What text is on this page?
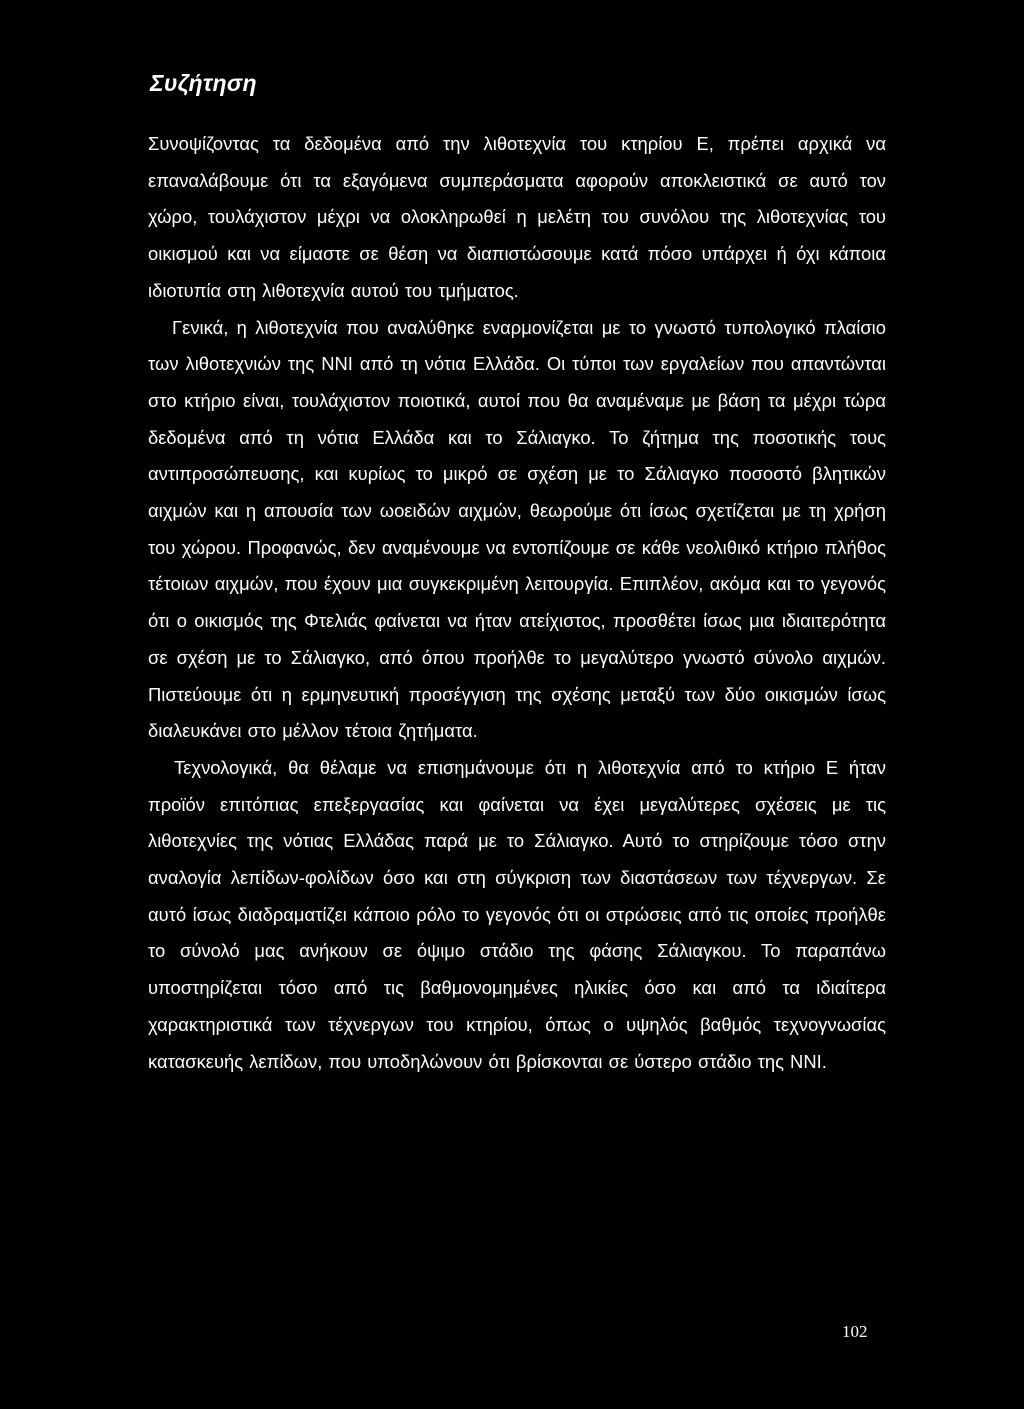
Συζήτηση

Συνοψίζοντας τα δεδομένα από την λιθοτεχνία του κτηρίου Ε, πρέπει αρχικά να επαναλάβουμε ότι τα εξαγόμενα συμπεράσματα αφορούν αποκλειστικά σε αυτό τον χώρο, τουλάχιστον μέχρι να ολοκληρωθεί η μελέτη του συνόλου της λιθοτεχνίας του οικισμού και να είμαστε σε θέση να διαπιστώσουμε κατά πόσο υπάρχει ή όχι κάποια ιδιοτυπία στη λιθοτεχνία αυτού του τμήματος.

Γενικά, η λιθοτεχνία που αναλύθηκε εναρμονίζεται με το γνωστό τυπολογικό πλαίσιο των λιθοτεχνιών της ΝΝΙ από τη νότια Ελλάδα. Οι τύποι των εργαλείων που απαντώνται στο κτήριο είναι, τουλάχιστον ποιοτικά, αυτοί που θα αναμέναμε με βάση τα μέχρι τώρα δεδομένα από τη νότια Ελλάδα και το Σάλιαγκο. Το ζήτημα της ποσοτικής τους αντιπροσώπευσης, και κυρίως το μικρό σε σχέση με το Σάλιαγκο ποσοστό βλητικών αιχμών και η απουσία των ωοειδών αιχμών, θεωρούμε ότι ίσως σχετίζεται με τη χρήση του χώρου. Προφανώς, δεν αναμένουμε να εντοπίζουμε σε κάθε νεολιθικό κτήριο πλήθος τέτοιων αιχμών, που έχουν μια συγκεκριμένη λειτουργία. Επιπλέον, ακόμα και το γεγονός ότι ο οικισμός της Φτελιάς φαίνεται να ήταν ατείχιστος, προσθέτει ίσως μια ιδιαιτερότητα σε σχέση με το Σάλιαγκο, από όπου προήλθε το μεγαλύτερο γνωστό σύνολο αιχμών. Πιστεύουμε ότι η ερμηνευτική προσέγγιση της σχέσης μεταξύ των δύο οικισμών ίσως διαλευκάνει στο μέλλον τέτοια ζητήματα.

Τεχνολογικά, θα θέλαμε να επισημάνουμε ότι η λιθοτεχνία από το κτήριο Ε ήταν προϊόν επιτόπιας επεξεργασίας και φαίνεται να έχει μεγαλύτερες σχέσεις με τις λιθοτεχνίες της νότιας Ελλάδας παρά με το Σάλιαγκο. Αυτό το στηρίζουμε τόσο στην αναλογία λεπίδων-φολίδων όσο και στη σύγκριση των διαστάσεων των τέχνεργων. Σε αυτό ίσως διαδραματίζει κάποιο ρόλο το γεγονός ότι οι στρώσεις από τις οποίες προήλθε το σύνολό μας ανήκουν σε όψιμο στάδιο της φάσης Σάλιαγκου. Το παραπάνω υποστηρίζεται τόσο από τις βαθμονομημένες ηλικίες όσο και από τα ιδιαίτερα χαρακτηριστικά των τέχνεργων του κτηρίου, όπως ο υψηλός βαθμός τεχνογνωσίας κατασκευής λεπίδων, που υποδηλώνουν ότι βρίσκονται σε ύστερο στάδιο της ΝΝΙ.

102
